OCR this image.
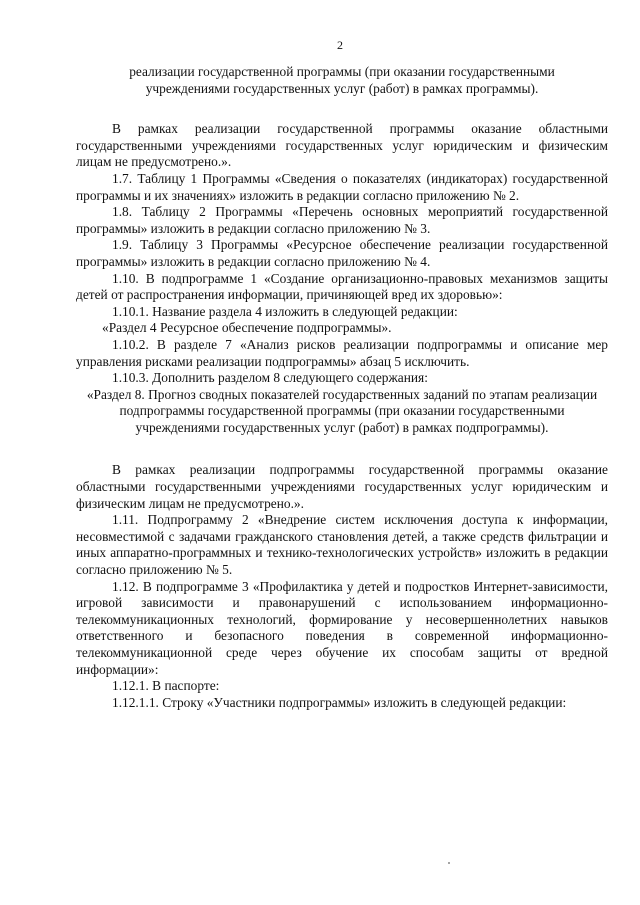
2

реализации государственной программы (при оказании государственными учреждениями государственных услуг (работ) в рамках программы).

В рамках реализации государственной программы оказание областными государственными учреждениями государственных услуг юридическим и физическим лицам не предусмотрено.».

1.7. Таблицу 1 Программы «Сведения о показателях (индикаторах) государственной программы и их значениях» изложить в редакции согласно приложению № 2.

1.8. Таблицу 2 Программы «Перечень основных мероприятий государственной программы» изложить в редакции согласно приложению № 3.

1.9. Таблицу 3 Программы «Ресурсное обеспечение реализации государственной программы» изложить в редакции согласно приложению № 4.

1.10. В подпрограмме 1 «Создание организационно-правовых механизмов защиты детей от распространения информации, причиняющей вред их здоровью»:

1.10.1. Название раздела 4 изложить в следующей редакции:

«Раздел 4 Ресурсное обеспечение подпрограммы».

1.10.2. В разделе 7 «Анализ рисков реализации подпрограммы и описание мер управления рисками реализации подпрограммы» абзац 5 исключить.

1.10.3. Дополнить разделом 8 следующего содержания:

«Раздел 8. Прогноз сводных показателей государственных заданий по этапам реализации подпрограммы государственной программы (при оказании государственными учреждениями государственных услуг (работ) в рамках подпрограммы).

В рамках реализации подпрограммы государственной программы оказание областными государственными учреждениями государственных услуг юридическим и физическим лицам не предусмотрено.».

1.11. Подпрограмму 2 «Внедрение систем исключения доступа к информации, несовместимой с задачами гражданского становления детей, а также средств фильтрации и иных аппаратно-программных и технико-технологических устройств» изложить в редакции согласно приложению № 5.

1.12. В подпрограмме 3 «Профилактика у детей и подростков Интернет-зависимости, игровой зависимости и правонарушений с использованием информационно-телекоммуникационных технологий, формирование у несовершеннолетних навыков ответственного и безопасного поведения в современной информационно-телекоммуникационной среде через обучение их способам защиты от вредной информации»:

1.12.1. В паспорте:

1.12.1.1. Строку «Участники подпрограммы» изложить в следующей редакции:
